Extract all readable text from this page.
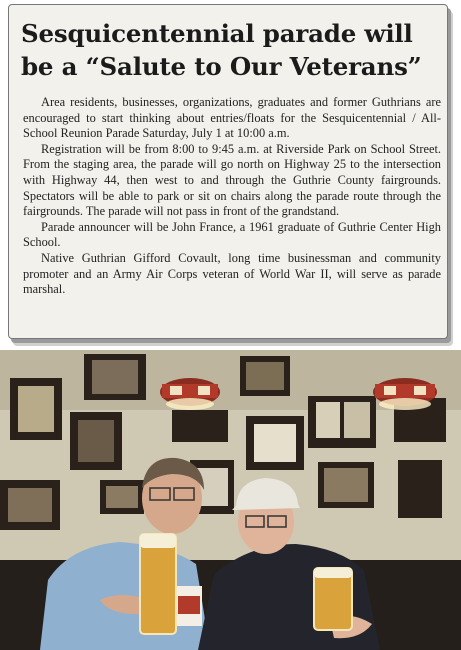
Sesquicentennial parade will
be a “Salute to Our Veterans”

Area residents, businesses, organizations, graduates and former Guthrians are encouraged to start thinking about entries/floats for the Sesquicentennial / All-School Reunion Parade Saturday, July 1 at 10:00 a.m.

Registration will be from 8:00 to 9:45 a.m. at Riverside Park on School Street. From the staging area, the parade will go north on Highway 25 to the intersection with Highway 44, then west to and through the Guthrie County fairgrounds. Spectators will be able to park or sit on chairs along the parade route through the fairgrounds. The parade will not pass in front of the grandstand.

Parade announcer will be John France, a 1961 graduate of Guthrie Center High School.

Native Guthrian Gifford Covault, long time businessman and community promoter and an Army Air Corps veteran of World War II, will serve as parade marshal.
